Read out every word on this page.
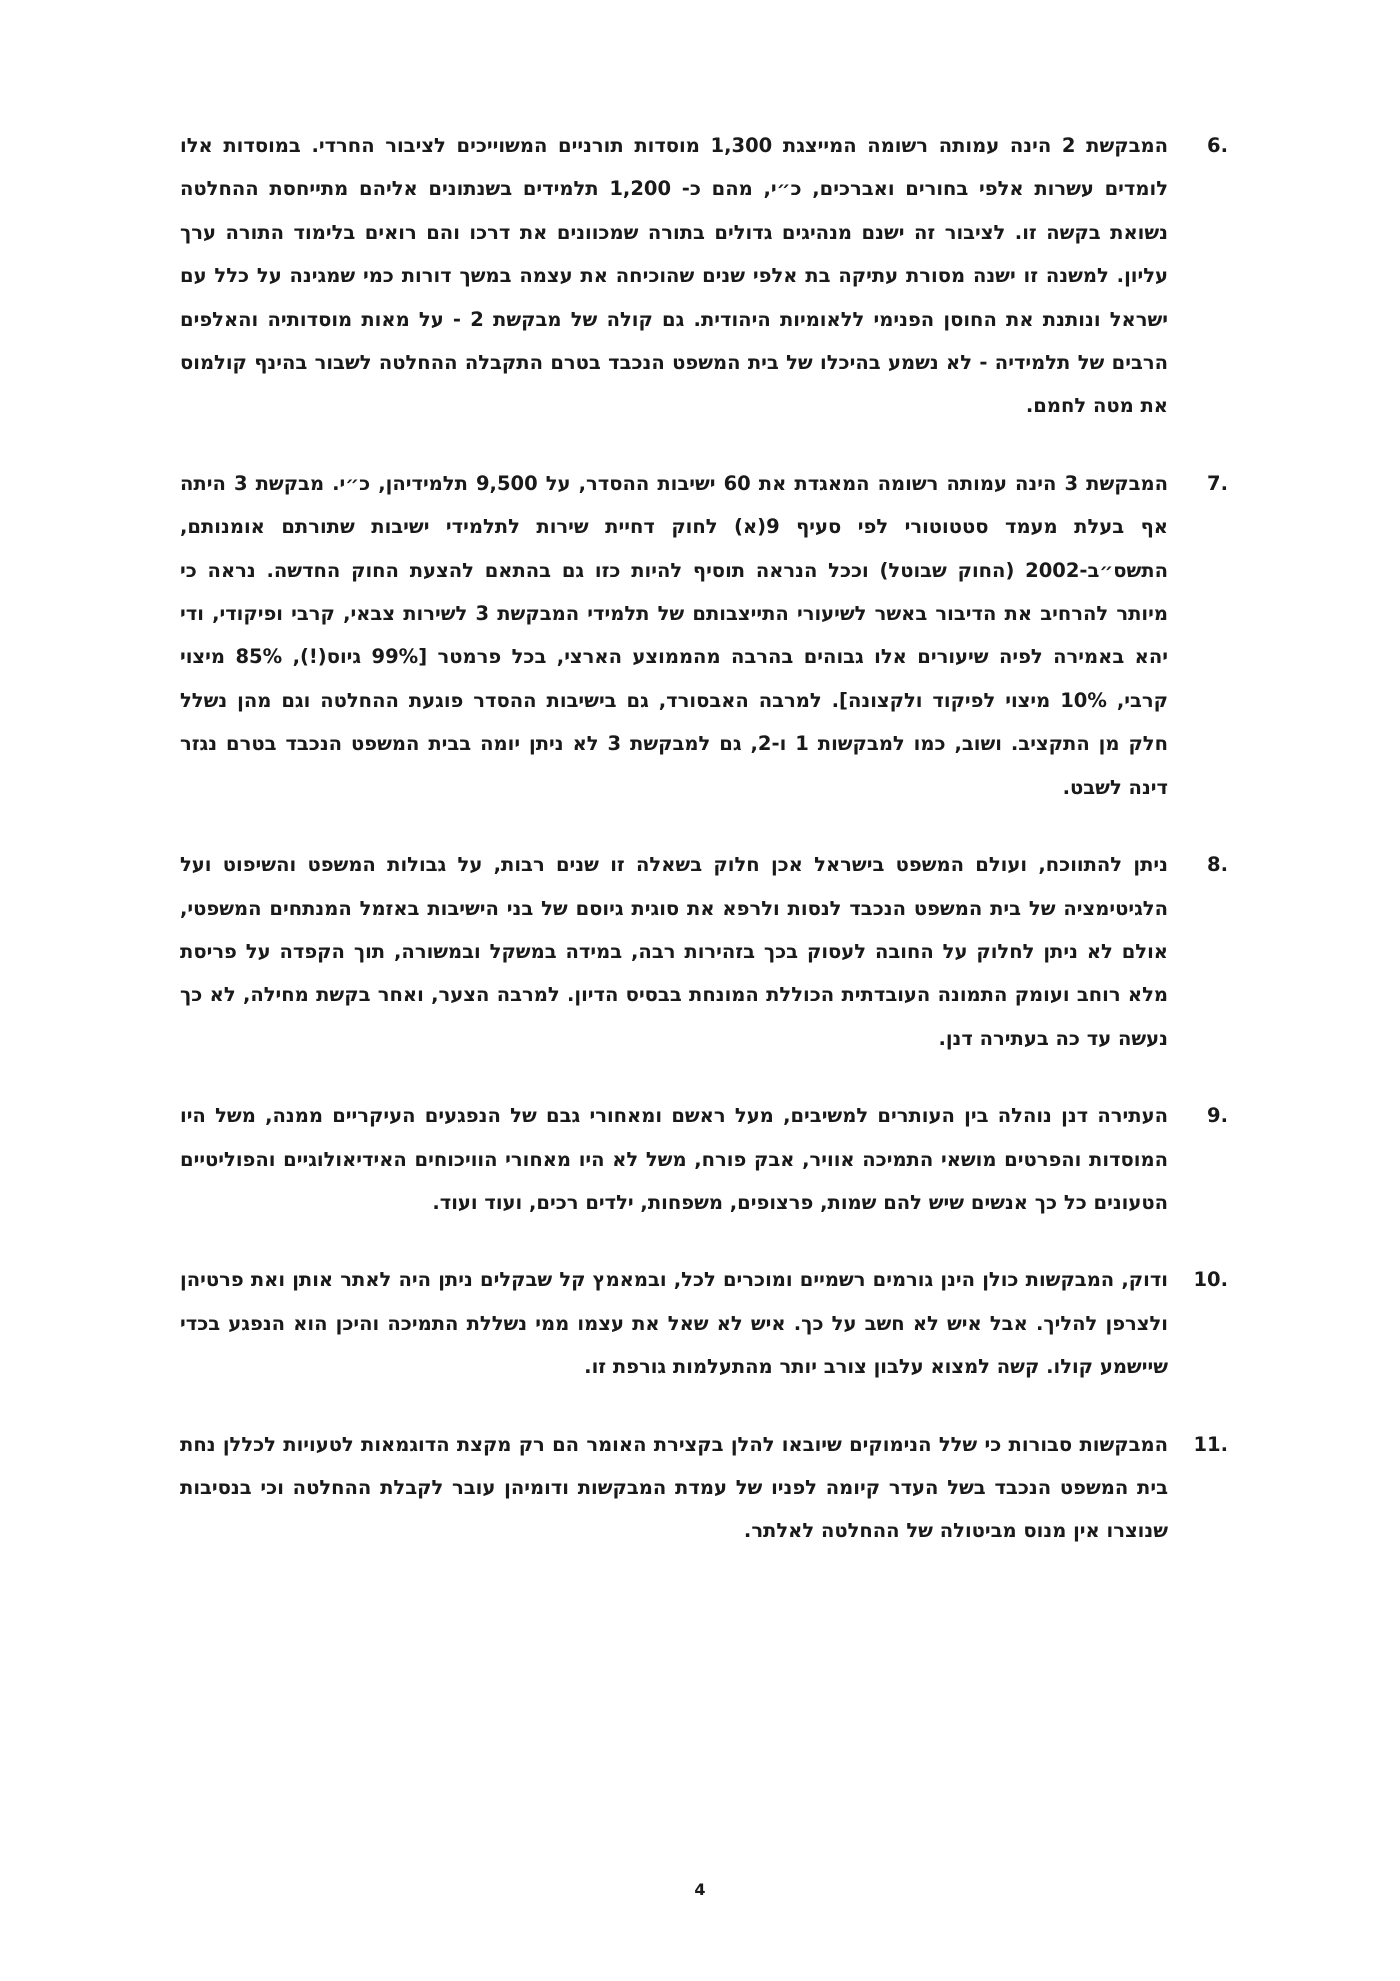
6.
המבקשת 2 הינה עמותה רשומה המייצגת 1,300 מוסדות תורניים המשוייכים לציבור החרדי. במוסדות אלו לומדים עשרות אלפי בחורים ואברכים, כ״י, מהם כ- 1,200 תלמידים בשנתונים אליהם מתייחסת ההחלטה נשואת בקשה זו. לציבור זה ישנם מנהיגים גדולים בתורה שמכוונים את דרכו והם רואים בלימוד התורה ערך עליון. למשנה זו ישנה מסורת עתיקה בת אלפי שנים שהוכיחה את עצמה במשך דורות כמי שמגינה על כלל עם ישראל ונותנת את החוסן הפנימי ללאומיות היהודית. גם קולה של מבקשת 2 - על מאות מוסדותיה והאלפים הרבים של תלמידיה - לא נשמע בהיכלו של בית המשפט הנכבד בטרם התקבלה ההחלטה לשבור בהינף קולמוס את מטה לחמם.
7.
המבקשת 3 הינה עמותה רשומה המאגדת את 60 ישיבות ההסדר, על 9,500 תלמידיהן, כ״י. מבקשת 3 היתה אף בעלת מעמד סטטוטורי לפי סעיף 9(א) לחוק דחיית שירות לתלמידי ישיבות שתורתם אומנותם, התשס״ב-2002 (החוק שבוטל) וככל הנראה תוסיף להיות כזו גם בהתאם להצעת החוק החדשה. נראה כי מיותר להרחיב את הדיבור באשר לשיעורי התייצבותם של תלמידי המבקשת 3 לשירות צבאי, קרבי ופיקודי, ודי יהא באמירה לפיה שיעורים אלו גבוהים בהרבה מהממוצע הארצי, בכל פרמטר [99% גיוס(!), 85% מיצוי קרבי, 10% מיצוי לפיקוד ולקצונה]. למרבה האבסורד, גם בישיבות ההסדר פוגעת ההחלטה וגם מהן נשלל חלק מן התקציב. ושוב, כמו למבקשות 1 ו-2, גם למבקשת 3 לא ניתן יומה בבית המשפט הנכבד בטרם נגזר דינה לשבט.
8.
ניתן להתווכח, ועולם המשפט בישראל אכן חלוק בשאלה זו שנים רבות, על גבולות המשפט והשיפוט ועל הלגיטימציה של בית המשפט הנכבד לנסות ולרפא את סוגית גיוסם של בני הישיבות באזמל המנתחים המשפטי, אולם לא ניתן לחלוק על החובה לעסוק בכך בזהירות רבה, במידה במשקל ובמשורה, תוך הקפדה על פריסת מלא רוחב ועומק התמונה העובדתית הכוללת המונחת בבסיס הדיון. למרבה הצער, ואחר בקשת מחילה, לא כך נעשה עד כה בעתירה דנן.
9.
העתירה דנן נוהלה בין העותרים למשיבים, מעל ראשם ומאחורי גבם של הנפגעים העיקריים ממנה, משל היו המוסדות והפרטים מושאי התמיכה אוויר, אבק פורח, משל לא היו מאחורי הוויכוחים האידיאולוגיים והפוליטיים הטעונים כל כך אנשים שיש להם שמות, פרצופים, משפחות, ילדים רכים, ועוד ועוד.
10.
ודוק, המבקשות כולן הינן גורמים רשמיים ומוכרים לכל, ובמאמץ קל שבקלים ניתן היה לאתר אותן ואת פרטיהן ולצרפן להליך. אבל איש לא חשב על כך. איש לא שאל את עצמו ממי נשללת התמיכה והיכן הוא הנפגע בכדי שיישמע קולו. קשה למצוא עלבון צורב יותר מהתעלמות גורפת זו.
11.
המבקשות סבורות כי שלל הנימוקים שיובאו להלן בקצירת האומר הם רק מקצת הדוגמאות לטעויות לכללן נחת בית המשפט הנכבד בשל העדר קיומה לפניו של עמדת המבקשות ודומיהן עובר לקבלת ההחלטה וכי בנסיבות שנוצרו אין מנוס מביטולה של ההחלטה לאלתר.
4
